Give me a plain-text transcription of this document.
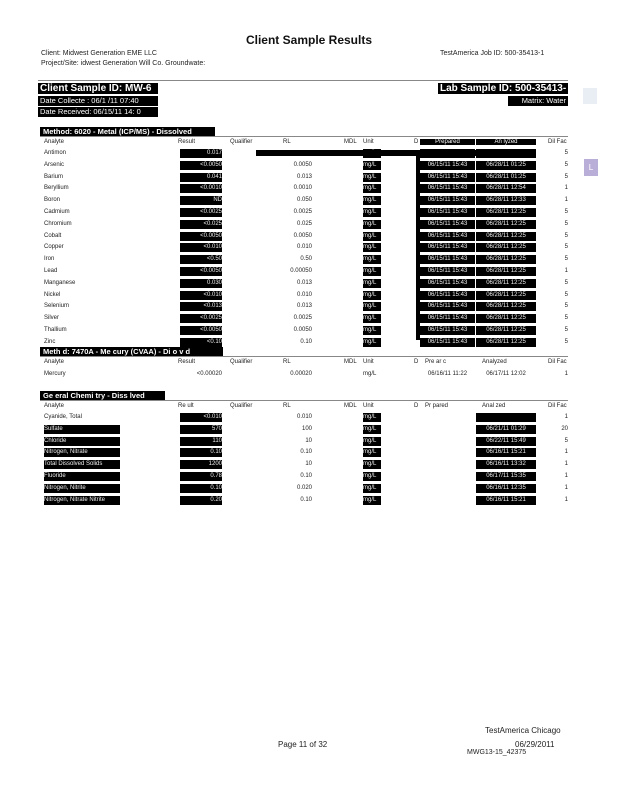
Client Sample Results
Client: Midwest Generation EME LLC
Project/Site: idwest Generation Will Co. Groundwate:
TestAmerica Job ID: 500-35413-1
Client Sample ID: MW-6
Date Collecte : 06/1 /11 07:40
Date Received: 06/15/11 14: 0
Lab Sample ID: 500-35413-
Matrix: Water
L
Method: 6020 - Metal (ICP/MS) - Dissolved
Analyte	Result	Qualifier	RL	MDL Unit	D	Prepared	An lyzed	Dil Fac
Antimon	0.017	5
Arsenic	<0.0050	0.0050	mg/L	06/15/11 15:43	06/28/11 01:25	5
Barium	0.041	0.013	mg/L	06/15/11 15:43	06/28/11 01:25	5
Beryllium	<0.0010	0.0010	mg/L	06/15/11 15:43	06/28/11 12:54	1
Boron	ND	0.050	mg/L	06/15/11 15:43	06/28/11 12:33	1
Cadmium	<0.0025	0.0025	mg/L	06/15/11 15:43	06/28/11 12:25	5
Chromium	<0.025	0.025	mg/L	06/15/11 15:43	06/28/11 12:25	5
Cobalt	<0.0050	0.0050	mg/L	06/15/11 15:43	06/28/11 12:25	5
Copper	<0.010	0.010	mg/L	06/15/11 15:43	06/28/11 12:25	5
Iron	<0.50	0.50	mg/L	06/15/11 15:43	06/28/11 12:25	5
Lead	<0.0050	0.00050	mg/L	06/15/11 15:43	06/28/11 12:25	1
Manganese	0.030	0.013	mg/L	06/15/11 15:43	06/28/11 12:25	5
Nickel	<0.010	0.010	mg/L	06/15/11 15:43	06/28/11 12:25	5
Selenium	<0.013	0.013	mg/L	06/15/11 15:43	06/28/11 12:25	5
Silver	<0.0025	0.0025	mg/L	06/15/11 15:43	06/28/11 12:25	5
Thallium	<0.0050	0.0050	mg/L	06/15/11 15:43	06/28/11 12:25	5
Zinc	<0.10	0.10	mg/L	06/15/11 15:43	06/28/11 12:25	5
Meth d: 7470A - Me cury (CVAA) - Di o v d
Analyte	Result	Qualifier	RL	MDL Unit	D Pre ar c	Analyzed	Dil Fac
Mercury	<0.00020	0.00020	mg/L	06/16/11 11:22	06/17/11 12:02	1
Ge eral Chemi try - Diss lved
Analyte	Re ult	Qualifier	RL	MDL Unit	D Pr pared	Anal zed	Dil Fac
Cyanide, Total	<0.010	0.010	mg/L	1
Sulfate	570	100	mg/L	06/21/11 01:29	20
Chloride	110	10	mg/L	06/22/11 15:49	5
Nitrogen, Nitrate	0.10	0.10	mg/L	06/16/11 15:21	1
Total Dissolved Solids	1200	10	mg/L	06/16/11 13:32	1
Fluoride	0.78	0.10	mg/L	06/17/11 15:35	1
Nitrogen, Nitrite	0.10	0.020	mg/L	06/16/11 12:35	1
Nitrogen, Nitrate Nitrite	0.20	0.10	mg/L	06/16/11 15:21	1
TestAmerica Chicago
Page 11 of 32	06/29/2011
MWG13-15_42375
